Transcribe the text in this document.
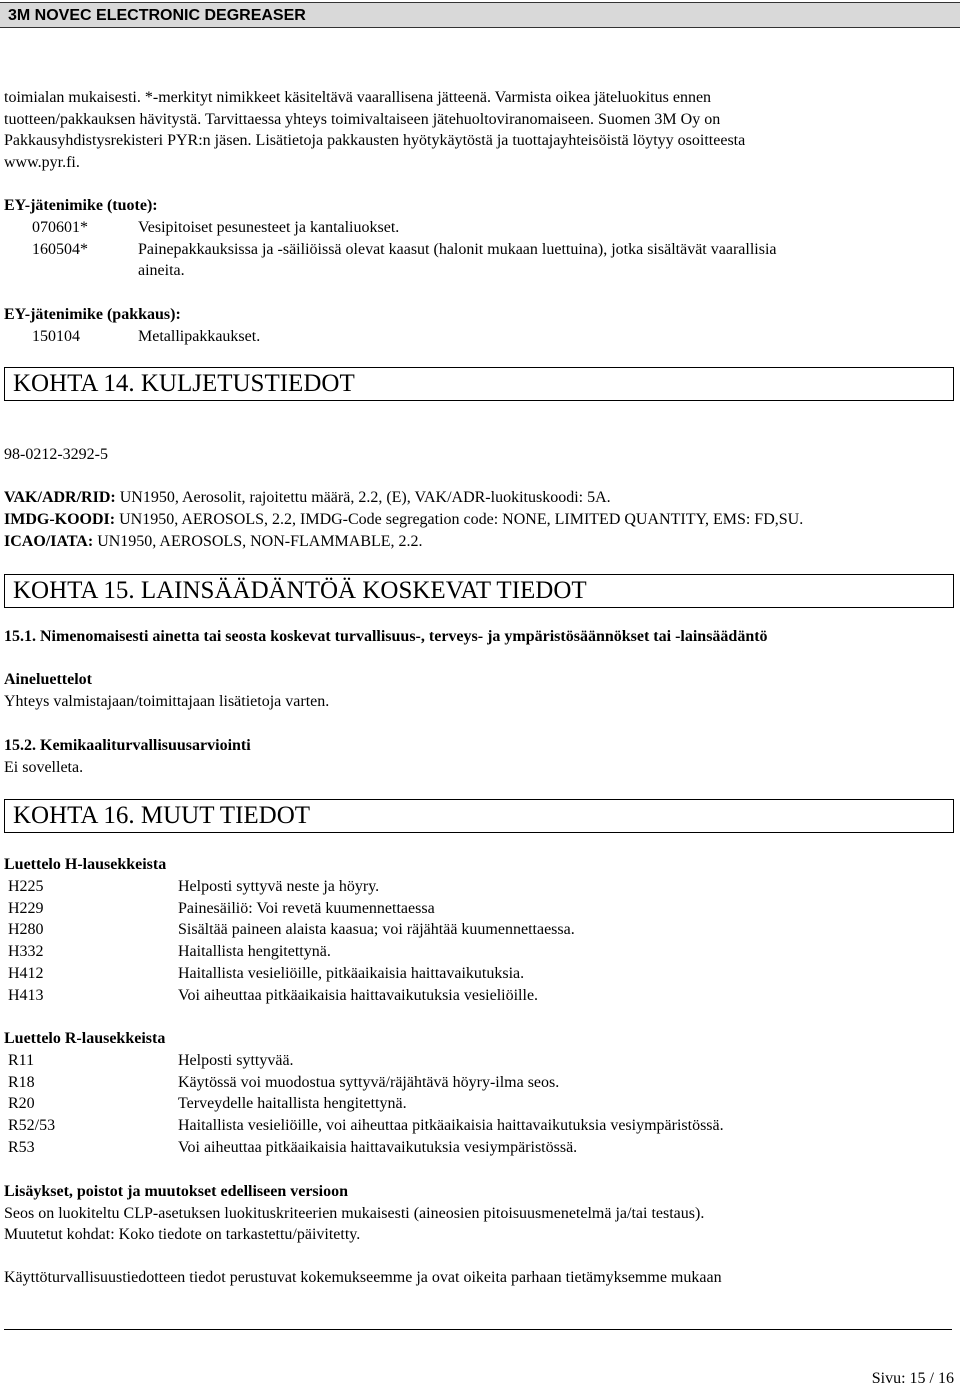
3M NOVEC ELECTRONIC DEGREASER
toimialan mukaisesti. *-merkityt nimikkeet käsiteltävä vaarallisena jätteenä. Varmista oikea jäteluokitus ennen
tuotteen/pakkauksen hävitystä. Tarvittaessa yhteys toimivaltaiseen jätehuoltoviranomaiseen. Suomen 3M Oy on
Pakkausyhdistysrekisteri PYR:n jäsen. Lisätietoja pakkausten hyötykäytöstä ja tuottajayhteisöistä löytyy osoitteesta
www.pyr.fi.
EY-jätenimike (tuote):
070601*	Vesipitoiset pesunesteet ja kantaliuokset.
160504*	Painepakkauksissa ja -säiliöissä olevat kaasut (halonit mukaan luettuina), jotka sisältävät vaarallisia
aineita.
EY-jätenimike (pakkaus):
150104	Metallipakkaukset.
KOHTA 14. KULJETUSTIEDOT
98-0212-3292-5
VAK/ADR/RID: UN1950, Aerosolit, rajoitettu määrä, 2.2, (E), VAK/ADR-luokituskoodi: 5A.
IMDG-KOODI: UN1950, AEROSOLS, 2.2, IMDG-Code segregation code: NONE, LIMITED QUANTITY, EMS: FD,SU.
ICAO/IATA: UN1950, AEROSOLS, NON-FLAMMABLE, 2.2.
KOHTA 15. LAINSÄÄDÄNTÖÄ KOSKEVAT TIEDOT
15.1. Nimenomaisesti ainetta tai seosta koskevat turvallisuus-, terveys- ja ympäristösäännökset tai -lainsäädäntö
Aineluettelot
Yhteys valmistajaan/toimittajaan lisätietoja varten.
15.2. Kemikaaliturvallisuusarviointi
Ei sovelleta.
KOHTA 16. MUUT TIEDOT
Luettelo H-lausekkeista
H225	Helposti syttyvä neste ja höyry.
H229	Painesäiliö: Voi revetä kuumennettaessa
H280	Sisältää paineen alaista kaasua; voi räjähtää kuumennettaessa.
H332	Haitallista hengitettynä.
H412	Haitallista vesieliöille, pitkäaikaisia haittavaikutuksia.
H413	Voi aiheuttaa pitkäaikaisia haittavaikutuksia vesieliöille.
Luettelo R-lausekkeista
R11	Helposti syttyvää.
R18	Käytössä voi muodostua syttyvä/räjähtävä höyry-ilma seos.
R20	Terveydelle haitallista hengitettynä.
R52/53	Haitallista vesieliöille, voi aiheuttaa pitkäaikaisia haittavaikutuksia vesiympäristössä.
R53	Voi aiheuttaa pitkäaikaisia haittavaikutuksia vesiympäristössä.
Lisäykset, poistot ja muutokset edelliseen versioon
Seos on luokiteltu CLP-asetuksen luokituskriteerien mukaisesti (aineosien pitoisuusmenetelmä ja/tai testaus).
Muutetut kohdat: Koko tiedote on tarkastettu/päivitetty.
Käyttöturvallisuustiedotteen tiedot perustuvat kokemukseemme ja ovat oikeita parhaan tietämyksemme mukaan
Sivu: 15 / 16
